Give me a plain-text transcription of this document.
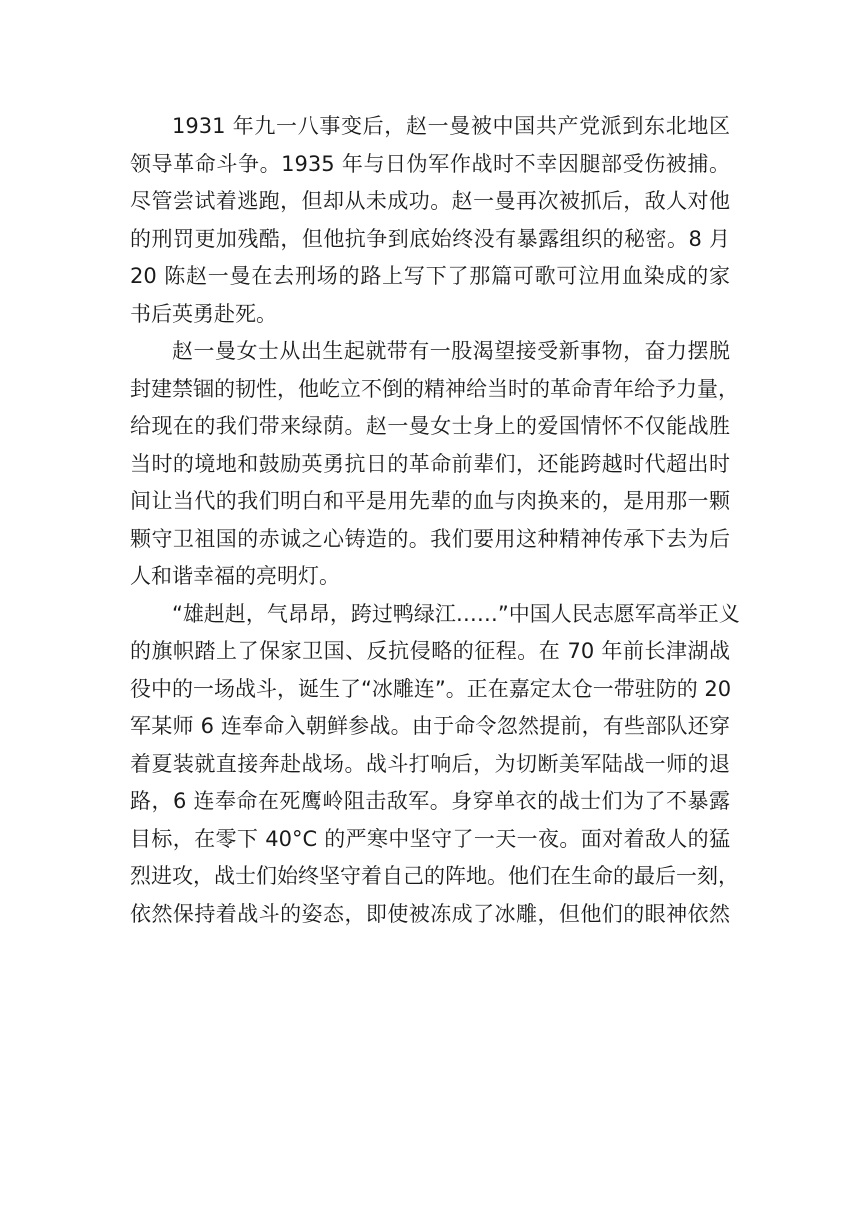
1931 年九一八事变后，赵一曼被中国共产党派到东北地区
领导革命斗争。1935 年与日伪军作战时不幸因腿部受伤被捕。
尽管尝试着逃跑，但却从未成功。赵一曼再次被抓后，敌人对他
的刑罚更加残酷，但他抗争到底始终没有暴露组织的秘密。8 月
20 陈赵一曼在去刑场的路上写下了那篇可歌可泣用血染成的家
书后英勇赴死。
赵一曼女士从出生起就带有一股渴望接受新事物，奋力摆脱
封建禁锢的韧性，他屹立不倒的精神给当时的革命青年给予力量，
给现在的我们带来绿荫。赵一曼女士身上的爱国情怀不仅能战胜
当时的境地和鼓励英勇抗日的革命前辈们，还能跨越时代超出时
间让当代的我们明白和平是用先辈的血与肉换来的，是用那一颗
颗守卫祖国的赤诚之心铸造的。我们要用这种精神传承下去为后
人和谐幸福的亮明灯。
“雄赳赳，气昂昂，跨过鸭绿江……”中国人民志愿军高举正义
的旗帜踏上了保家卫国、反抗侵略的征程。在 70 年前长津湖战
役中的一场战斗，诞生了“冰雕连”。正在嘉定太仓一带驻防的 20
军某师 6 连奉命入朝鲜参战。由于命令忽然提前，有些部队还穿
着夏装就直接奔赴战场。战斗打响后，为切断美军陆战一师的退
路，6 连奉命在死鹰岭阻击敌军。身穿单衣的战士们为了不暴露
目标，在零下 40°C 的严寒中坚守了一天一夜。面对着敌人的猛
烈进攻，战士们始终坚守着自己的阵地。他们在生命的最后一刻，
依然保持着战斗的姿态，即使被冻成了冰雕，但他们的眼神依然
